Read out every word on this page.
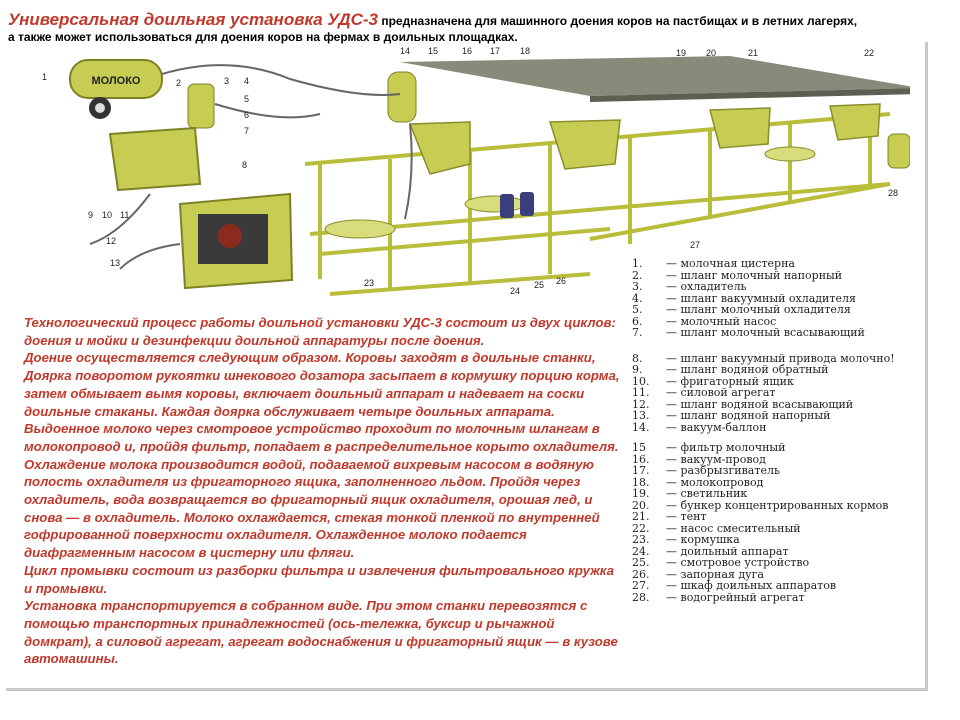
Универсальная доильная установка УДС-3 предназначена для машинного доения коров на пастбищах и в летних лагерях,
а также может использоваться для доения коров на фермах в доильных площадках.
МОЛОКО
1
2	3 4
5
6
7
8
9 10 11
12
13
14 15	16 17 18	19 20	21	22
23
24
25 26
27
28

Технологический процесс работы доильной установки УДС-3 состоит из двух циклов: доения и мойки и дезинфекции доильной аппаратуры после доения.

Доение осуществляется следующим образом. Коровы заходят в доильные станки, Доярка поворотом рукоятки шнекового дозатора засыпает в кормушку порцию корма, затем обмывает вымя коровы, включает доильный аппарат и надевает на соски доильные стаканы. Каждая доярка обслуживает четыре доильных аппарата. Выдоенное молоко через смотровое устройство проходит по молочным шлангам в молокопровод и, пройдя фильтр, попадает в распределительное корыто охладителя.

Охлаждение молока производится водой, подаваемой вихревым насосом в водяную полость охладителя из фригаторного ящика, заполненного льдом. Пройдя через охладитель, вода возвращается во фригаторный ящик охладителя, орошая лед, и снова — в охладитель. Молоко охлаждается, стекая тонкой пленкой по внутренней гофрированной поверхности охладителя. Охлажденное молоко подается диафрагменным насосом в цистерну или фляги.

Цикл промывки состоит из разборки фильтра и извлечения фильтровального кружка и промывки.

Установка транспортируется в собранном виде. При этом станки перевозятся с помощью транспортных принадлежностей (ось-тележка, буксир и рычажной домкрат), а силовой агрегат, агрегат водоснабжения и фригаторный ящик — в кузове автомашины.

1.	— молочная цистерна
2.	— шланг молочный напорный
3.	— охладитель
4.	— шланг вакуумный охладителя
5.	— шланг молочный охладителя
6.	— молочный насос
7.	— шланг молочный всасывающий
8.	— шланг вакуумный привода молочно!
9.	— шланг водяной обратный
10.	— фригаторный ящик
11.	— силовой агрегат
12.	— шланг водяной всасывающий
13.	— шланг водяной напорный
14.	— вакуум-баллон
15	— фильтр молочный
16.	— вакуум-провод
17.	— разбрызгиватель
18.	— молокопровод
19.	— светильник
20.	— бункер концентрированных кормов
21.	— тент
22.	— насос смесительный
23.	— кормушка
24.	— доильный аппарат
25.	— смотровое устройство
26.	— запорная дуга
27.	— шкаф доильных аппаратов
28.	— водогрейный агрегат
